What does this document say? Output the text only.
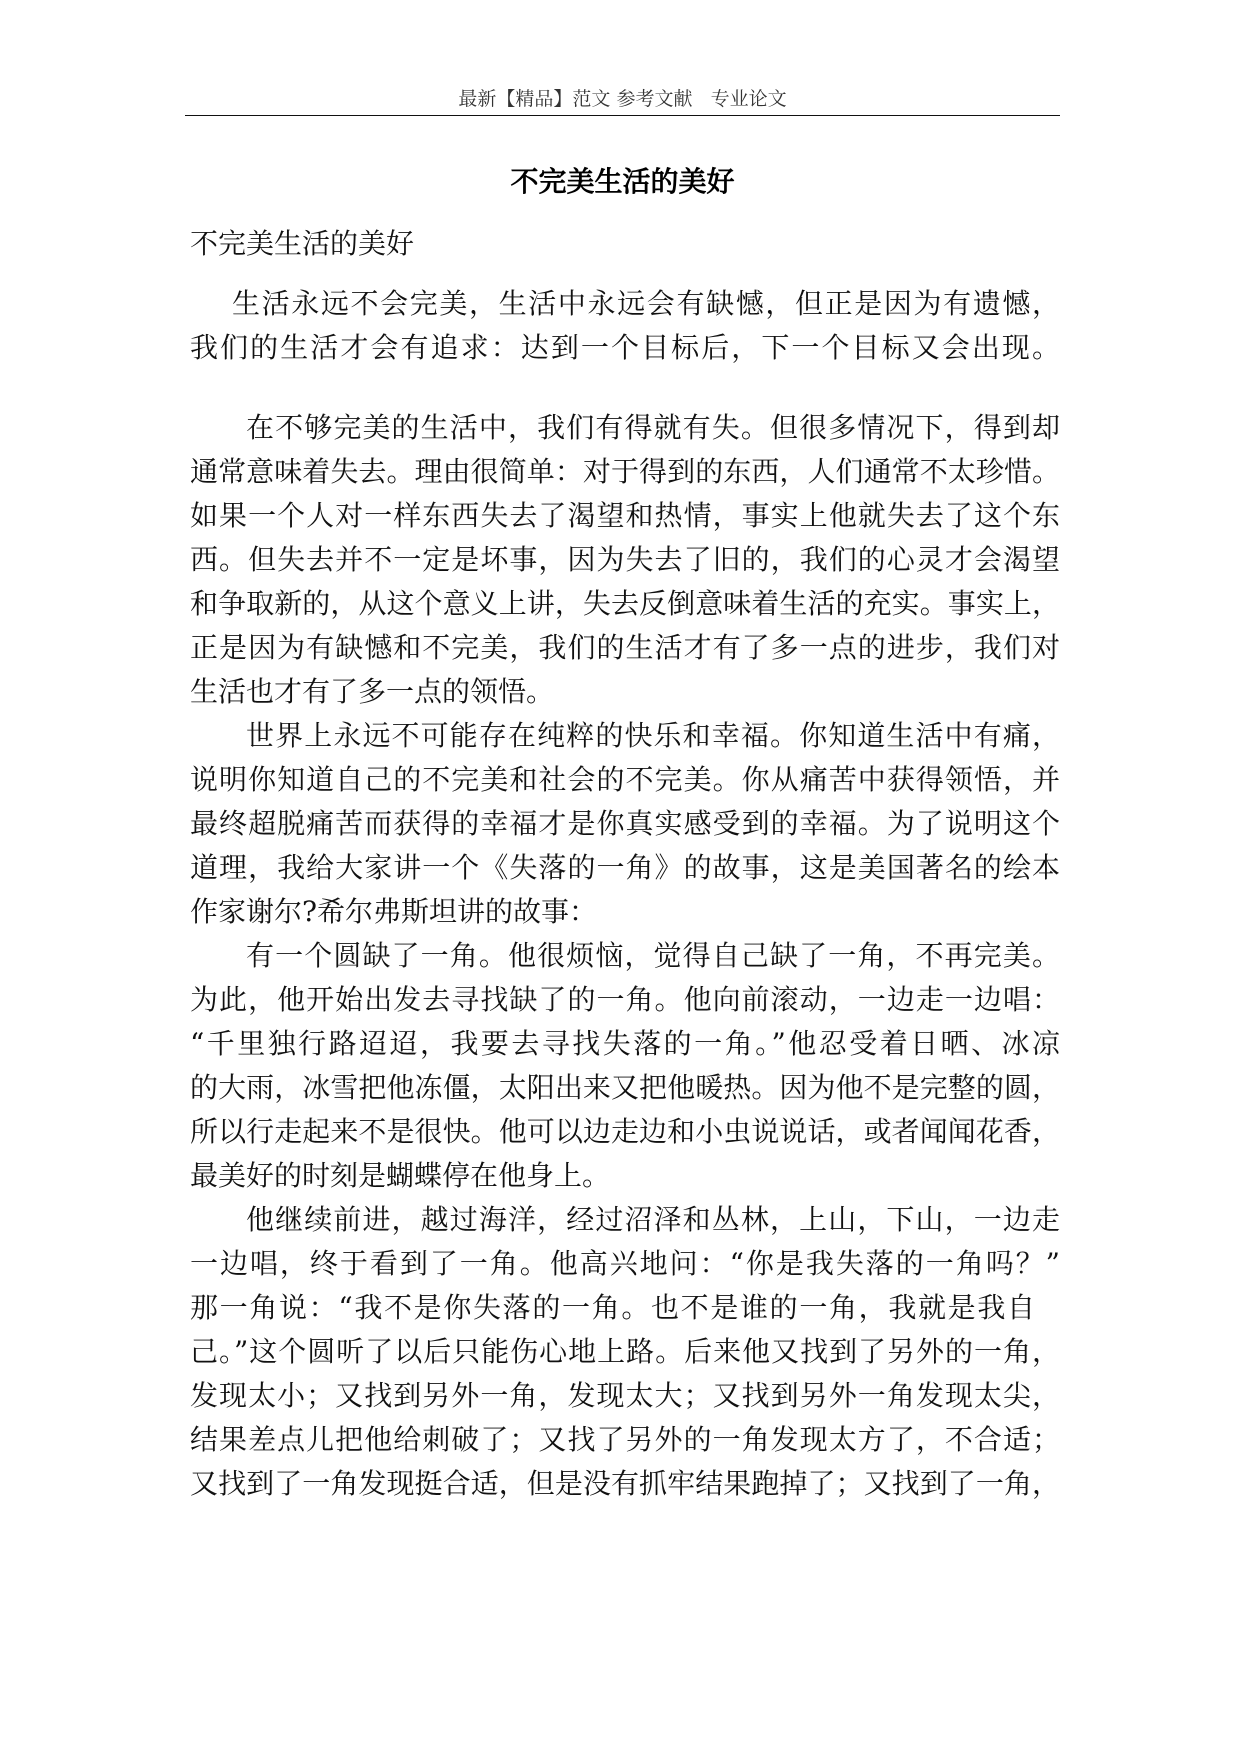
最新【精品】范文 参考文献   专业论文
不完美生活的美好
不完美生活的美好
生活永远不会完美，生活中永远会有缺憾，但正是因为有遗憾，
我们的生活才会有追求：达到一个目标后，下一个目标又会出现。
在不够完美的生活中，我们有得就有失。但很多情况下，得到却
通常意味着失去。理由很简单：对于得到的东西，人们通常不太珍惜。
如果一个人对一样东西失去了渴望和热情，事实上他就失去了这个东
西。但失去并不一定是坏事，因为失去了旧的，我们的心灵才会渴望
和争取新的，从这个意义上讲，失去反倒意味着生活的充实。事实上，
正是因为有缺憾和不完美，我们的生活才有了多一点的进步，我们对
生活也才有了多一点的领悟。
世界上永远不可能存在纯粹的快乐和幸福。你知道生活中有痛，
说明你知道自己的不完美和社会的不完美。你从痛苦中获得领悟，并
最终超脱痛苦而获得的幸福才是你真实感受到的幸福。为了说明这个
道理，我给大家讲一个《失落的一角》的故事，这是美国著名的绘本
作家谢尔?希尔弗斯坦讲的故事：
有一个圆缺了一角。他很烦恼，觉得自己缺了一角，不再完美。
为此，他开始出发去寻找缺了的一角。他向前滚动，一边走一边唱：
“千里独行路迢迢，我要去寻找失落的一角。”他忍受着日晒、冰凉
的大雨，冰雪把他冻僵，太阳出来又把他暖热。因为他不是完整的圆，
所以行走起来不是很快。他可以边走边和小虫说说话，或者闻闻花香，
最美好的时刻是蝴蝶停在他身上。
他继续前进，越过海洋，经过沼泽和丛林，上山，下山，一边走
一边唱，终于看到了一角。他高兴地问：“你是我失落的一角吗？”
那一角说：“我不是你失落的一角。也不是谁的一角，我就是我自
己。”这个圆听了以后只能伤心地上路。后来他又找到了另外的一角，
发现太小；又找到另外一角，发现太大；又找到另外一角发现太尖，
结果差点儿把他给刺破了；又找了另外的一角发现太方了，不合适；
又找到了一角发现挺合适，但是没有抓牢结果跑掉了；又找到了一角，
